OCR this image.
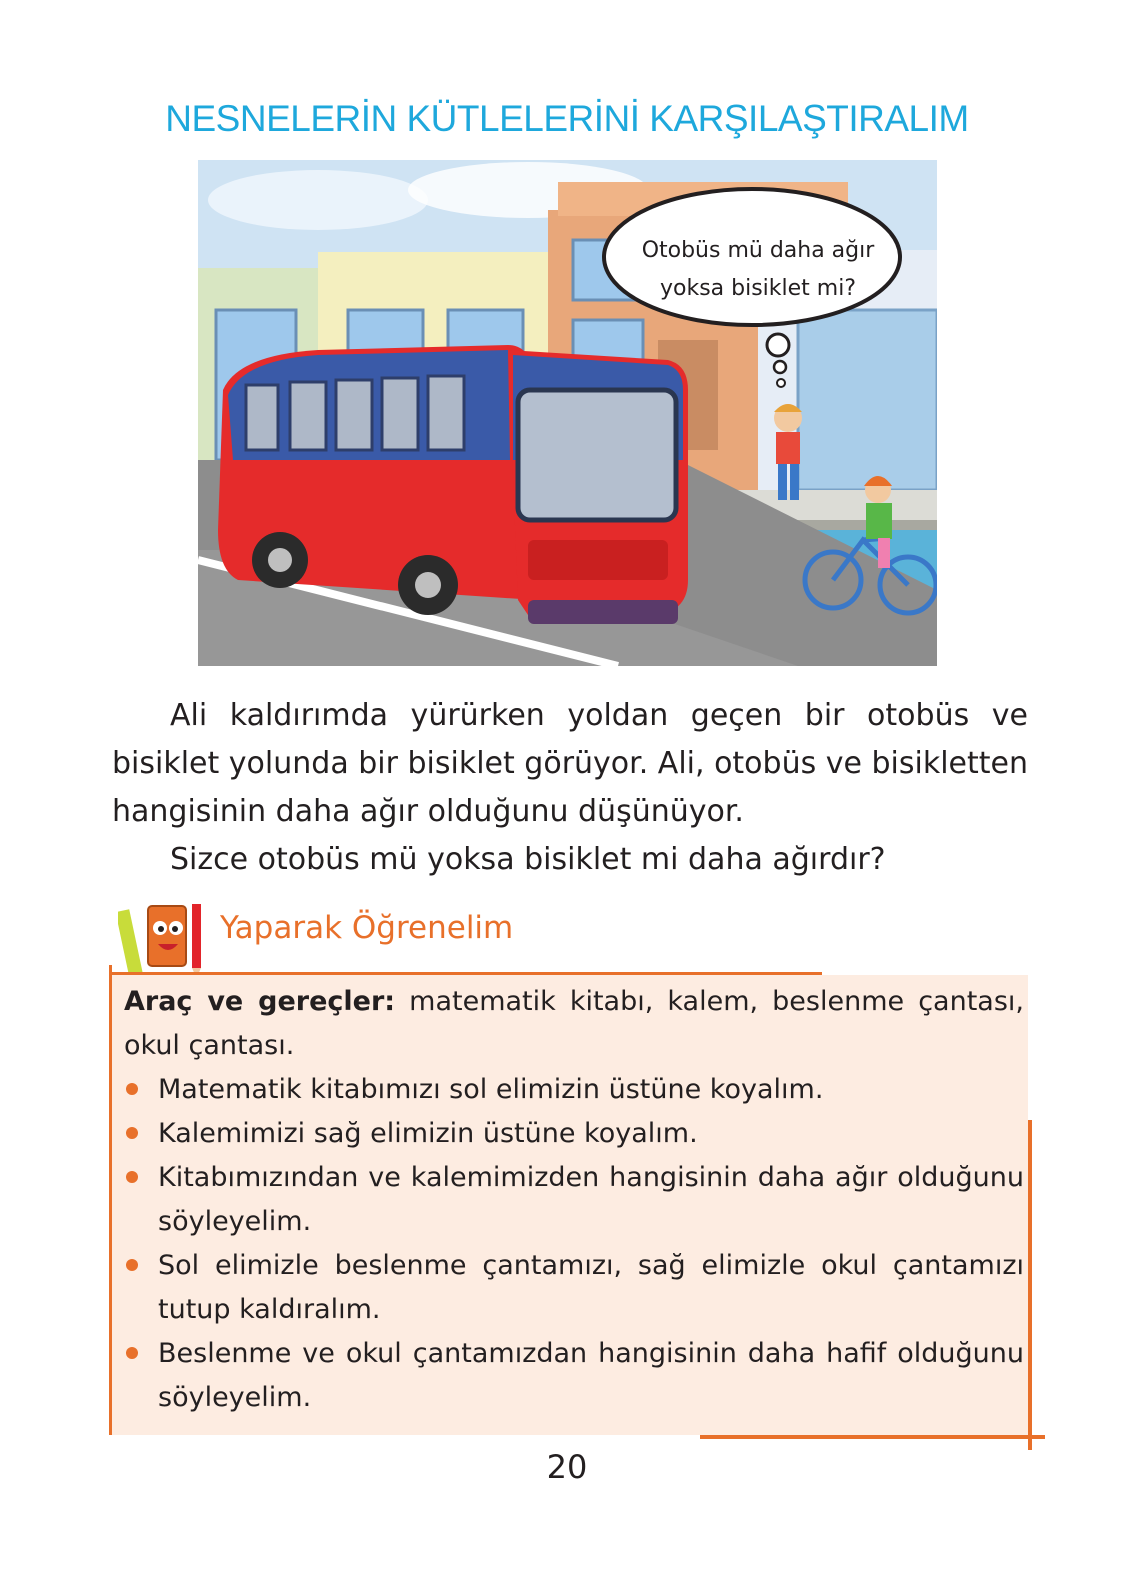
NESNELERİN KÜTLELERİNİ KARŞILAŞTIRALIM
Otobüs mü daha ağır
yoksa bisiklet mi?
Ali kaldırımda yürürken yoldan geçen bir otobüs ve bisiklet yolunda bir bisiklet görüyor. Ali, otobüs ve bisikletten hangisinin daha ağır olduğunu düşünüyor.
Sizce otobüs mü yoksa bisiklet mi daha ağırdır?
Yaparak Öğrenelim
Araç ve gereçler: matematik kitabı, kalem, beslenme çantası, okul çantası.
Matematik kitabımızı sol elimizin üstüne koyalım.
Kalemimizi sağ elimizin üstüne koyalım.
Kitabımızından ve kalemimizden hangisinin daha ağır olduğunu söyleyelim.
Sol elimizle beslenme çantamızı, sağ elimizle okul çantamızı tutup kaldıralım.
Beslenme ve okul çantamızdan hangisinin daha hafif olduğunu söyleyelim.
20
